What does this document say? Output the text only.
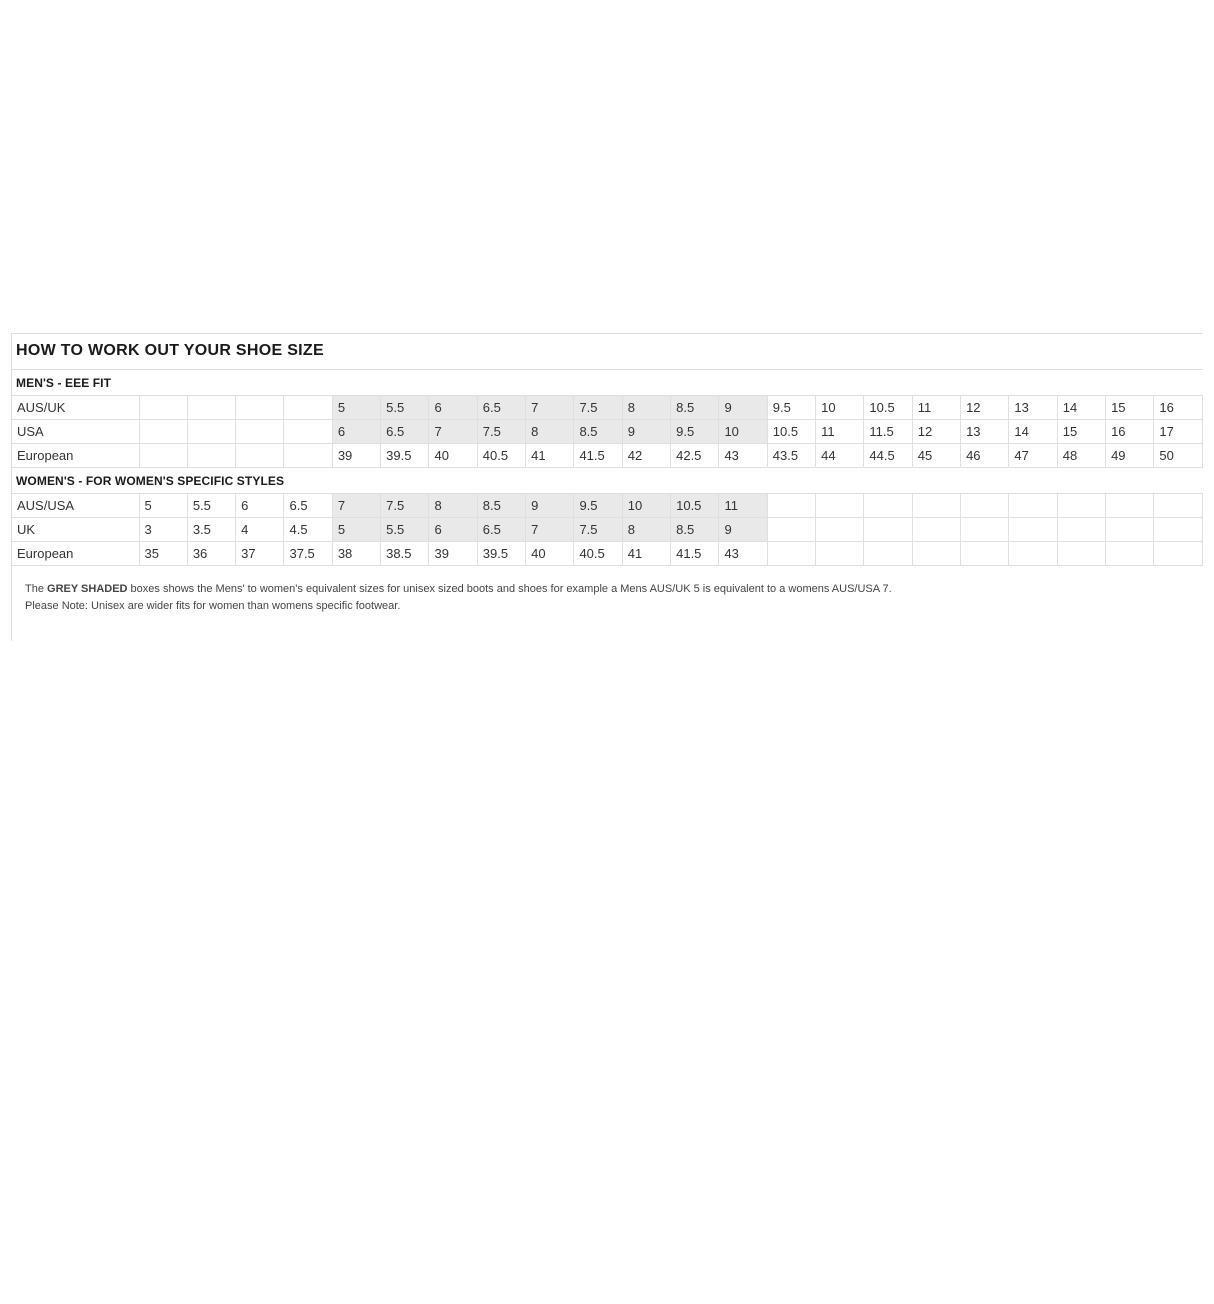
HOW TO WORK OUT YOUR SHOE SIZE
MEN'S - EEE FIT
AUS/UK					5	5.5	6	6.5	7	7.5	8	8.5	9	9.5	10	10.5	11	12	13	14	15	16
USA					6	6.5	7	7.5	8	8.5	9	9.5	10	10.5	11	11.5	12	13	14	15	16	17
European					39	39.5	40	40.5	41	41.5	42	42.5	43	43.5	44	44.5	45	46	47	48	49	50
WOMEN'S - FOR WOMEN'S SPECIFIC STYLES
AUS/USA	5	5.5	6	6.5	7	7.5	8	8.5	9	9.5	10	10.5	11									
UK	3	3.5	4	4.5	5	5.5	6	6.5	7	7.5	8	8.5	9									
European	35	36	37	37.5	38	38.5	39	39.5	40	40.5	41	41.5	43									

The GREY SHADED boxes shows the Mens' to women's equivalent sizes for unisex sized boots and shoes for example a Mens AUS/UK 5 is equivalent to a womens AUS/USA 7.

Please Note: Unisex are wider fits for women than womens specific footwear.
